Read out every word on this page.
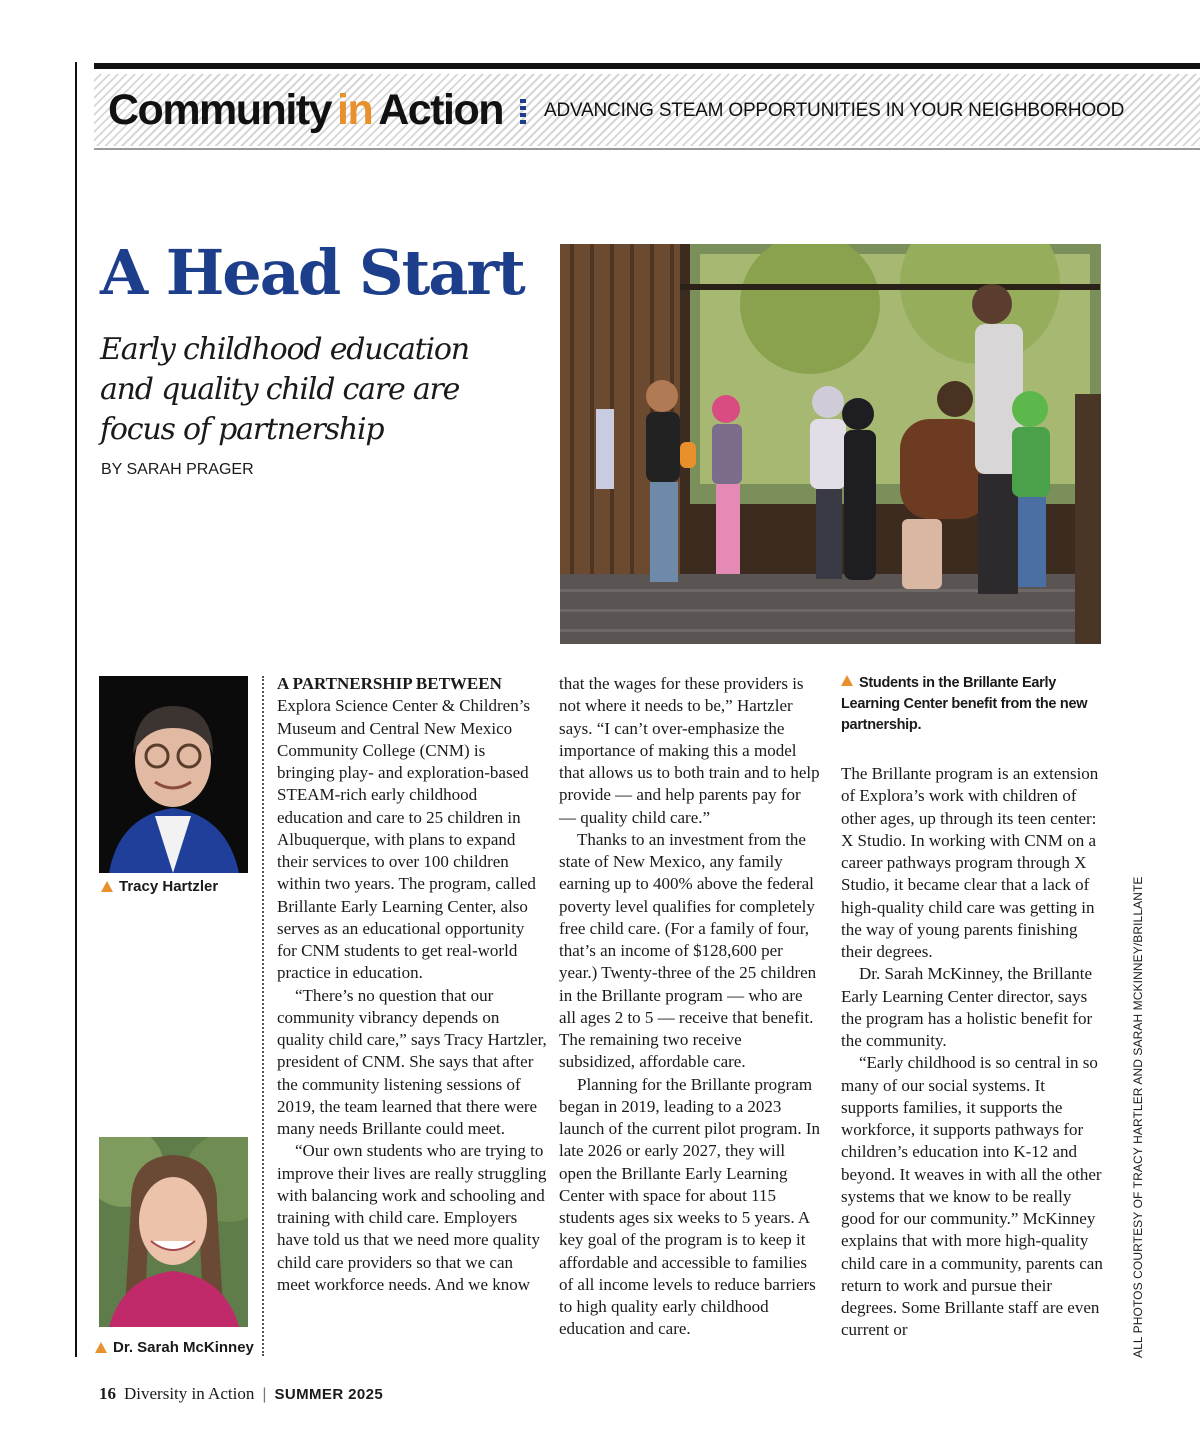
Community in Action ADVANCING STEAM OPPORTUNITIES IN YOUR NEIGHBORHOOD
A Head Start
Early childhood education and quality child care are focus of partnership
BY SARAH PRAGER
Tracy Hartzler
Dr. Sarah McKinney

A PARTNERSHIP BETWEEN
Explora Science Center & Children’s Museum and Central New Mexico Community College (CNM) is bringing play- and exploration-based STEAM-rich early childhood education and care to 25 children in Albuquerque, with plans to expand their services to over 100 children within two years. The program, called Brillante Early Learning Center, also serves as an educational opportunity for CNM students to get real-world practice in education.

“There’s no question that our community vibrancy depends on quality child care,” says Tracy Hartzler, president of CNM. She says that after the community listening sessions of 2019, the team learned that there were many needs Brillante could meet.

“Our own students who are trying to improve their lives are really struggling with balancing work and schooling and training with child care. Employers have told us that we need more quality child care providers so that we can meet workforce needs. And we know

that the wages for these providers is not where it needs to be,” Hartzler says. “I can’t over-emphasize the importance of making this a model that allows us to both train and to help provide — and help parents pay for — quality child care.”

Thanks to an investment from the state of New Mexico, any family earning up to 400% above the federal poverty level qualifies for completely free child care. (For a family of four, that’s an income of $128,600 per year.) Twenty-three of the 25 children in the Brillante program — who are all ages 2 to 5 — receive that benefit. The remaining two receive subsidized, affordable care.

Planning for the Brillante program began in 2019, leading to a 2023 launch of the current pilot program. In late 2026 or early 2027, they will open the Brillante Early Learning Center with space for about 115 students ages six weeks to 5 years. A key goal of the program is to keep it affordable and accessible to families of all income levels to reduce barriers to high quality early childhood education and care.

Students in the Brillante Early Learning Center benefit from the new partnership.

The Brillante program is an extension of Explora’s work with children of other ages, up through its teen center: X Studio. In working with CNM on a career pathways program through X Studio, it became clear that a lack of high-quality child care was getting in the way of young parents finishing their degrees.

Dr. Sarah McKinney, the Brillante Early Learning Center director, says the program has a holistic benefit for the community.

“Early childhood is so central in so many of our social systems. It supports families, it supports the workforce, it supports pathways for children’s education into K-12 and beyond. It weaves in with all the other systems that we know to be really good for our community.” McKinney explains that with more high-quality child care in a community, parents can return to work and pursue their degrees. Some Brillante staff are even current or	ALL PHOTOS COURTESY OF TRACY HARTLER AND SARAH MCKINNEY/BRILLANTE
16 Diversity in Action | SUMMER 2025
